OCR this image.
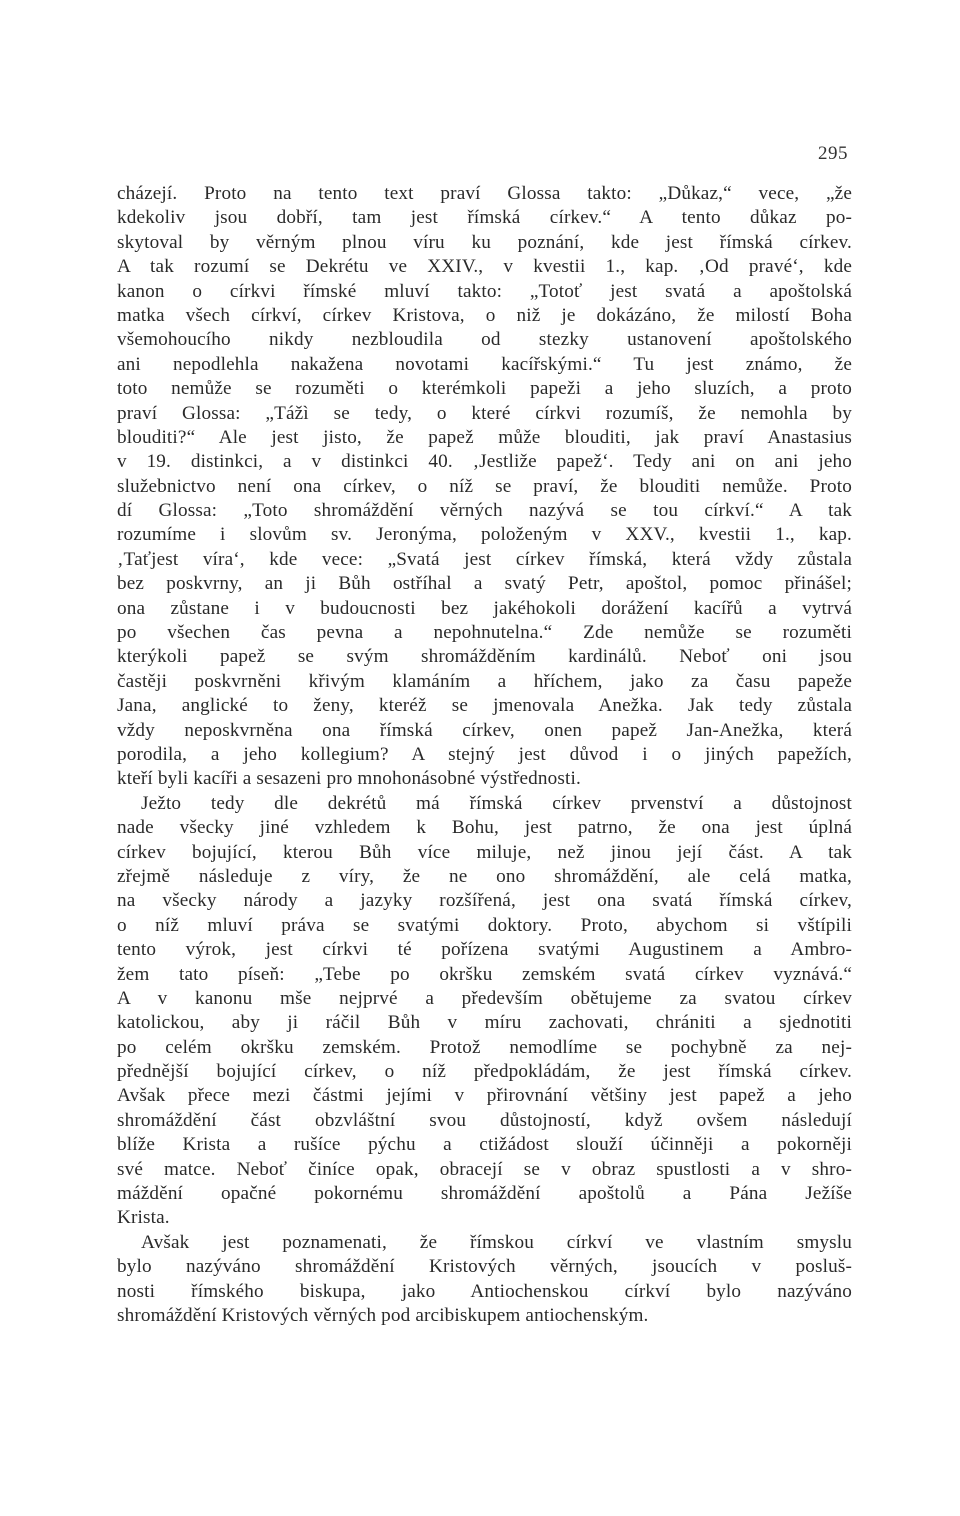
295
cházejí. Proto na tento text praví Glossa takto: „Důkaz,“ vece, „že
kdekoliv jsou dobří, tam jest římská církev.“ A tento důkaz po-
skytoval by věrným plnou víru ku poznání, kde jest římská církev.
A tak rozumí se Dekrétu ve XXIV., v kvestii 1., kap. ‚Od pravé‘, kde
kanon o církvi římské mluví takto: „Totoť jest svatá a apoštolská
matka všech církví, církev Kristova, o niž je dokázáno, že milostí Boha
všemohoucího nikdy nezbloudila od stezky ustanovení apoštolského
ani nepodlehla nakažena novotami kacířskými.“ Tu jest známo, že
toto nemůže se rozuměti o kterémkoli papeži a jeho sluzích, a proto
praví Glossa: „Tážì se tedy, o které církvi rozumíš, že nemohla by
blouditi?“ Ale jest jisto, že papež může blouditi, jak praví Anastasius
v 19. distinkci, a v distinkci 40. ‚Jestliže papež‘. Tedy ani on ani jeho
služebnictvo není ona církev, o níž se praví, že blouditi nemůže. Proto
dí Glossa: „Toto shromáždění věrných nazývá se tou církví.“ A tak
rozumíme i slovům sv. Jeronýma, položeným v XXV., kvestii 1., kap.
‚Taťjest víra‘, kde vece: „Svatá jest církev římská, která vždy zůstala
bez poskvrny, an ji Bůh ostříhal a svatý Petr, apoštol, pomoc přinášel;
ona zůstane i v budoucnosti bez jakéhokoli dorážení kacířů a vytrvá
po všechen čas pevna a nepohnutelna.“ Zde nemůže se rozuměti
kterýkoli papež se svým shromážděním kardinálů. Neboť oni jsou
častěji poskvrněni křivým klamáním a hříchem, jako za času papeže
Jana, anglické to ženy, kteréž se jmenovala Anežka. Jak tedy zůstala
vždy neposkvrněna ona římská církev, onen papež Jan-Anežka, která
porodila, a jeho kollegium? A stejný jest důvod i o jiných papežích,
kteří byli kacíři a sesazeni pro mnohonásobné výstřednosti.
Ježto tedy dle dekrétů má římská církev prvenství a důstojnost
nade všecky jiné vzhledem k Bohu, jest patrno, že ona jest úplná
církev bojující, kterou Bůh více miluje, než jinou její část. A tak
zřejmě následuje z víry, že ne ono shromáždění, ale celá matka,
na všecky národy a jazyky rozšířená, jest ona svatá římská církev,
o níž mluví práva se svatými doktory. Proto, abychom si vštípili
tento výrok, jest církvi té pořízena svatými Augustinem a Ambro-
žem tato píseň: „Tebe po okršku zemském svatá církev vyznává.“
A v kanonu mše nejprvé a především obětujeme za svatou církev
katolickou, aby ji ráčil Bůh v míru zachovati, chrániti a sjednotiti
po celém okršku zemském. Protož nemodlíme se pochybně za nej-
přednější bojující církev, o níž předpokládám, že jest římská církev.
Avšak přece mezi částmi jejími v přirovnání většiny jest papež a jeho
shromáždění část obzvláštní svou důstojností, když ovšem následují
blíže Krista a rušíce pýchu a ctižádost slouží účinněji a pokorněji
své matce. Neboť činíce opak, obracejí se v obraz spustlosti a v shro-
máždění opačné pokornému shromáždění apoštolů a Pána Ježíše
Krista.
Avšak jest poznamenati, že římskou církví ve vlastním smyslu
bylo nazýváno shromáždění Kristových věrných, jsoucích v posluš-
nosti římského biskupa, jako Antiochenskou církví bylo nazýváno
shromáždění Kristových věrných pod arcibiskupem antiochenským.
